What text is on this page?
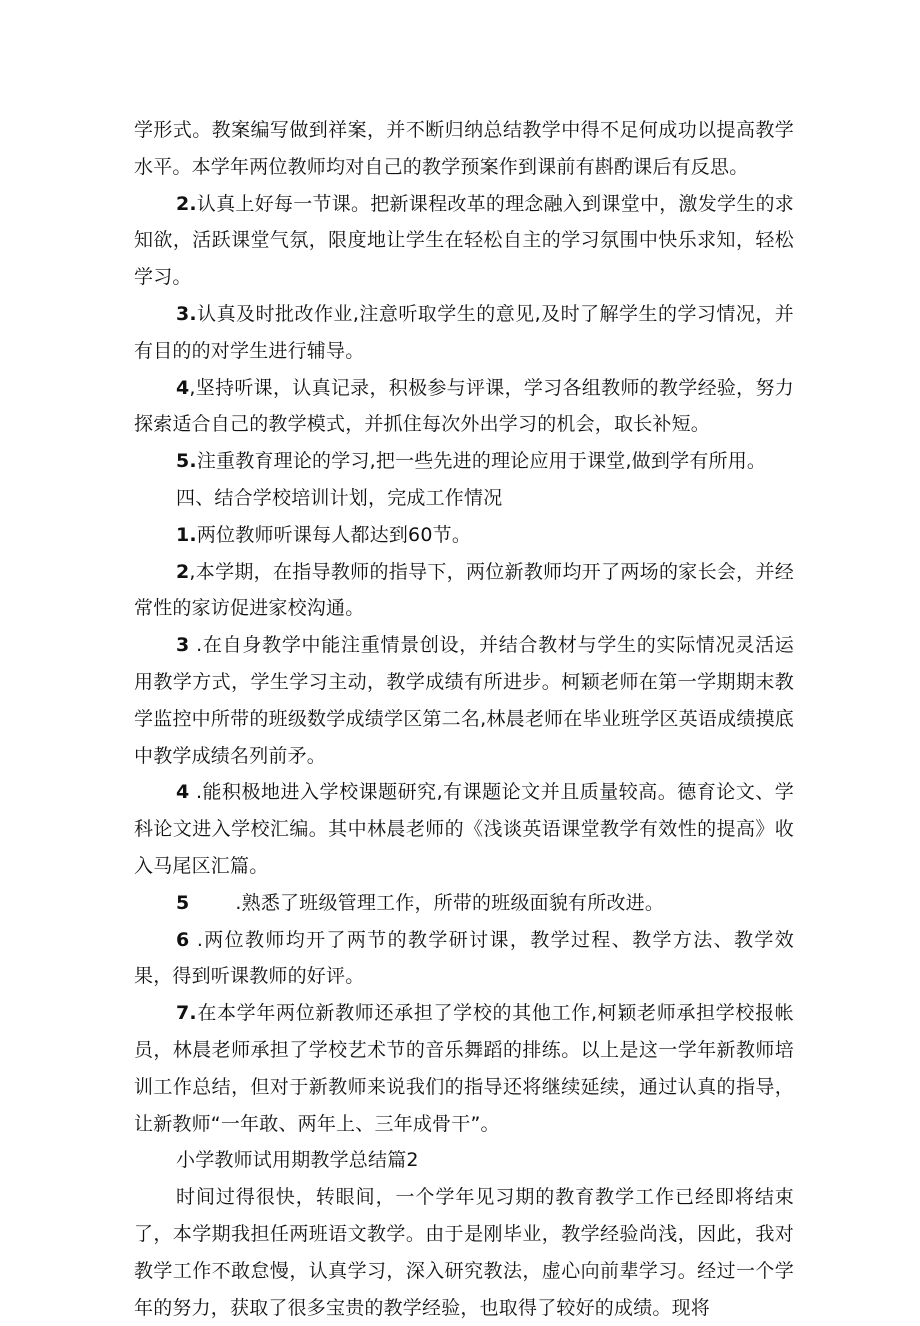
学形式。教案编写做到祥案，并不断归纳总结教学中得不足何成功以提高教学水平。本学年两位教师均对自己的教学预案作到课前有斟酌课后有反思。

2.认真上好每一节课。把新课程改革的理念融入到课堂中，激发学生的求知欲，活跃课堂气氛，限度地让学生在轻松自主的学习氛围中快乐求知，轻松学习。

3.认真及时批改作业,注意听取学生的意见,及时了解学生的学习情况，并有目的的对学生进行辅导。

4,坚持听课，认真记录，积极参与评课，学习各组教师的教学经验，努力探索适合自己的教学模式，并抓住每次外出学习的机会，取长补短。

5.注重教育理论的学习,把一些先进的理论应用于课堂,做到学有所用。

四、结合学校培训计划，完成工作情况

1.两位教师听课每人都达到60节。

2,本学期，在指导教师的指导下，两位新教师均开了两场的家长会，并经常性的家访促进家校沟通。

3 .在自身教学中能注重情景创设，并结合教材与学生的实际情况灵活运用教学方式，学生学习主动，教学成绩有所进步。柯颖老师在第一学期期末教学监控中所带的班级数学成绩学区第二名,林晨老师在毕业班学区英语成绩摸底中教学成绩名列前矛。

4 .能积极地进入学校课题研究,有课题论文并且质量较高。德育论文、学科论文进入学校汇编。其中林晨老师的《浅谈英语课堂教学有效性的提高》收入马尾区汇篇。

5 .熟悉了班级管理工作，所带的班级面貌有所改进。

6 .两位教师均开了两节的教学研讨课，教学过程、教学方法、教学效果，得到听课教师的好评。

7.在本学年两位新教师还承担了学校的其他工作,柯颖老师承担学校报帐员，林晨老师承担了学校艺术节的音乐舞蹈的排练。以上是这一学年新教师培训工作总结，但对于新教师来说我们的指导还将继续延续，通过认真的指导，让新教师“一年敢、两年上、三年成骨干”。

小学教师试用期教学总结篇2

时间过得很快，转眼间，一个学年见习期的教育教学工作已经即将结束了，本学期我担任两班语文教学。由于是刚毕业，教学经验尚浅，因此，我对教学工作不敢怠慢，认真学习，深入研究教法，虚心向前辈学习。经过一个学年的努力，获取了很多宝贵的教学经验，也取得了较好的成绩。现将
